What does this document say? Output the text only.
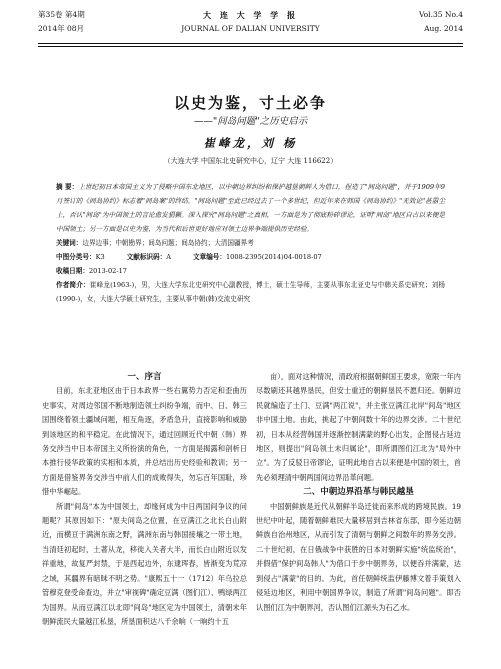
第35卷 第4期	大 连 大 学 学 报	Vol.35 No.4
2014年 08月	JOURNAL OF DALIAN UNIVERSITY	Aug. 2014
以史为鉴，寸土必争
——"间岛问题"之历史启示
崔峰龙，刘 杨
（大连大学 中国东北史研究中心，辽宁 大连 116622）

摘 要：上世纪初日本帝国主义为了侵略中国东北地区，以中朝边界纠纷和保护越垦朝鲜人为借口，捏造了"间岛问题"，并于1909年9月签订的《间岛协约》标志着"间岛案"的终结。"间岛问题"至此已经过去了一个多世纪，但近年来在韩国《间岛协约》"无效论"甚嚣尘上，否认"间岛"为中国领土的言论愈发猖獗。深入探究"间岛问题"之真相，一方面是为了彻底粉碎谬论，证明"间岛"地区自古以来便是中国领土；另一方面是以史为鉴，为当代和后世更好地应对领土边界争端提供历史经验。

关键词：边界边事；中朝勘界；间岛问题；间岛协约；大清国疆界考

中图分类号：K3	文献标识码：A	文章编号：1008-2395(2014)04-0018-07

收稿日期：2013-02-17

作者简介：崔峰龙(1963-)，男，大连大学东北史研究中心副教授，博士，硕士生导师，主要从事东北亚史与中韩关系史研究；刘杨(1990-)，女，大连大学硕士研究生，主要从事中朝(韩)交流史研究

一、序言

目前，东北亚地区由于日本政界一些右翼势力否定和歪曲历史事实，对周边邻国不断地制造领土纠纷争端，而中、日、韩三国围绕着领土疆域问题，相互角逐，矛盾急升，直接影响和威胁到该地区的和平稳定。在此情况下，通过回顾近代中朝（韩）界务交涉当中日本帝国主义所扮演的角色，一方面是揭露和剖析日本推行侵华政策的实相和本质，并总结出历史经验和教训；另一方面是借鉴界务交涉当中前人们的成败得失，勿忘百年国耻，珍惜中华崛起。

所谓"间岛"本为中国领土，却缘何成为中日两国间争议的问题呢？其原因如下："原夫间岛之位置，在豆满江之北长白山附近，而横亘于满洲东南之野，满洲东南与韩国接壤之一带土地，当清廷初起时，土著从龙，移徙入关者大半，而长白山附近以发祥重地，故复严封禁，于是西起边外，东逮珲春，皆渐变为荒凉之域，其疆界有暗昧不明之势。"康熙五十一（1712）年乌拉总管穆克登受命查边，并立"审视碑"确定豆满（图们江）、鸭绿两江为国界。从而豆满江以北即"间岛"地区定为中国领土，清朝末年朝鲜流民大量越江私垦，所垦面积达八千余晌（一晌约十五

亩），面对这种情况，清政府根据朝鲜国王要求，宽限一年内尽数刷还其越界垦民，但安士重迁的朝鲜垦民不愿归还。朝鲜边民就编造了土门、豆满"两江说"，并主张豆满江北岸"间岛"地区非中国土地。由此，挑起了中朝间数十年的边界交涉。二十世纪初，日本从经营韩国并逐渐控制满蒙的野心出发，企图侵占延边地区，则提出"间岛领土未归属论"，即所谓图们江北为"局外中立"。为了反驳日帝谬论，证明此地自古以来便是中国的领土，首先必须理清中朝两国间边界沿革问题。

二、中朝边界沿革与韩民越垦

中国朝鲜族是近代从朝鲜半岛迁徙而来形成的跨境民族。19世纪中叶起，随着朝鲜难民大量移居到吉林省东部，即今延边朝鲜族自治州地区，从而引发了清朝与朝鲜之间数年的界务交涉。二十世纪初，在日俄战争中获胜的日本对朝鲜实施"统监统治"，并假借"保护间岛韩人"为借口于步中朝界务，以便吞并满蒙，达到侵占"满蒙"的目的。为此，首任朝鲜统监伊藤博文着手策划入侵延边地区，利用中朝国界争议，制造了所谓"间岛问题"。即否认图们江为中朝界河，否认图们江源头为石乙水。
